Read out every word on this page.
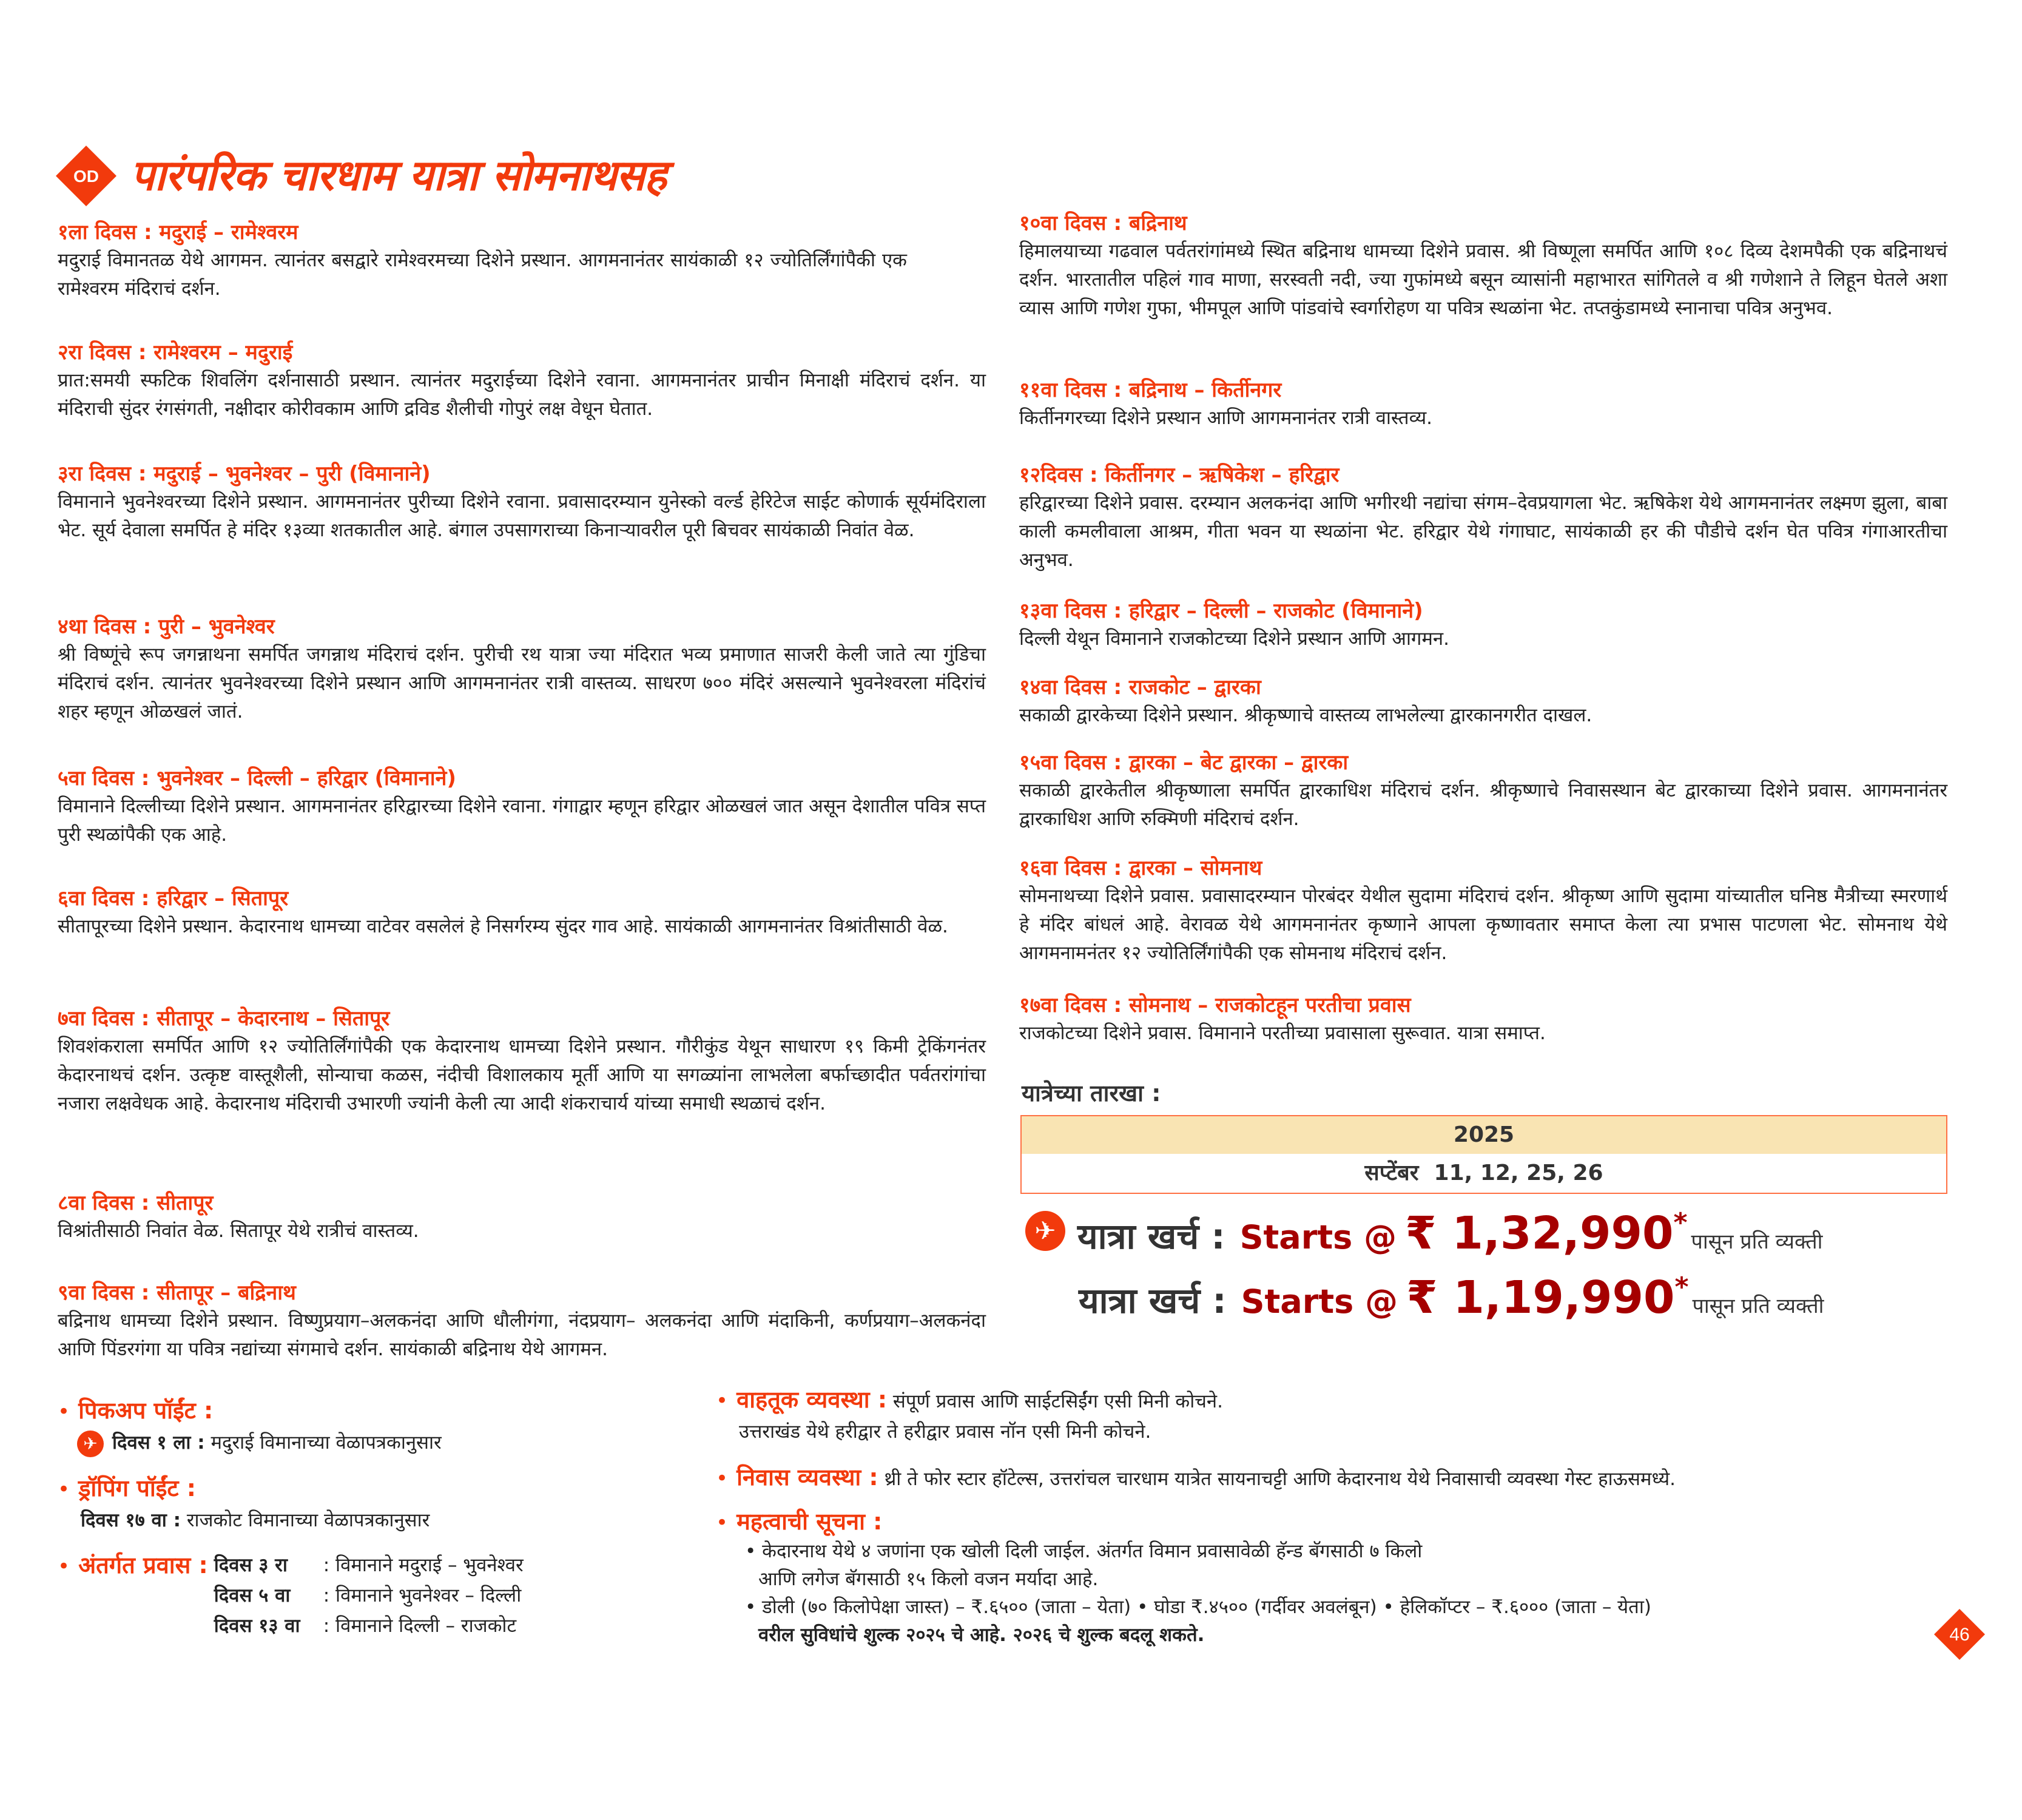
OD पारंपरिक चारधाम यात्रा सोमनाथसह
१ला दिवस : मदुराई – रामेश्वरम

मदुराई विमानतळ येथे आगमन. त्यानंतर बसद्वारे रामेश्वरमच्या दिशेने प्रस्थान. आगमनानंतर सायंकाळी १२ ज्योतिर्लिंगांपैकी एक रामेश्वरम मंदिराचं दर्शन.

२रा दिवस : रामेश्वरम – मदुराई

प्रात:समयी स्फटिक शिवलिंग दर्शनासाठी प्रस्थान. त्यानंतर मदुराईच्या दिशेने रवाना. आगमनानंतर प्राचीन मिनाक्षी मंदिराचं दर्शन. या मंदिराची सुंदर रंगसंगती, नक्षीदार कोरीवकाम आणि द्रविड शैलीची गोपुरं लक्ष वेधून घेतात.

३रा दिवस : मदुराई – भुवनेश्वर – पुरी (विमानाने)

विमानाने भुवनेश्वरच्या दिशेने प्रस्थान. आगमनानंतर पुरीच्या दिशेने रवाना. प्रवासादरम्यान युनेस्को वर्ल्ड हेरिटेज साईट कोणार्क सूर्यमंदिराला भेट. सूर्य देवाला समर्पित हे मंदिर १३व्या शतकातील आहे. बंगाल उपसागराच्या किनाऱ्यावरील पूरी बिचवर सायंकाळी निवांत वेळ.

४था दिवस : पुरी – भुवनेश्वर

श्री विष्णूंचे रूप जगन्नाथना समर्पित जगन्नाथ मंदिराचं दर्शन. पुरीची रथ यात्रा ज्या मंदिरात भव्य प्रमाणात साजरी केली जाते त्या गुंडिचा मंदिराचं दर्शन. त्यानंतर भुवनेश्वरच्या दिशेने प्रस्थान आणि आगमनानंतर रात्री वास्तव्य. साधरण ७०० मंदिरं असल्याने भुवनेश्वरला मंदिरांचं शहर म्हणून ओळखलं जातं.

५वा दिवस : भुवनेश्वर – दिल्ली – हरिद्वार (विमानाने)

विमानाने दिल्लीच्या दिशेने प्रस्थान. आगमनानंतर हरिद्वारच्या दिशेने रवाना. गंगाद्वार म्हणून हरिद्वार ओळखलं जात असून देशातील पवित्र सप्त पुरी स्थळांपैकी एक आहे.

६वा दिवस : हरिद्वार – सितापूर

सीतापूरच्या दिशेने प्रस्थान. केदारनाथ धामच्या वाटेवर वसलेलं हे निसर्गरम्य सुंदर गाव आहे. सायंकाळी आगमनानंतर विश्रांतीसाठी वेळ.

७वा दिवस : सीतापूर – केदारनाथ – सितापूर

शिवशंकराला समर्पित आणि १२ ज्योतिर्लिंगांपैकी एक केदारनाथ धामच्या दिशेने प्रस्थान. गौरीकुंड येथून साधारण १९ किमी ट्रेकिंगनंतर केदारनाथचं दर्शन. उत्कृष्ट वास्तूशैली, सोन्याचा कळस, नंदीची विशालकाय मूर्ती आणि या सगळ्यांना लाभलेला बर्फाच्छादीत पर्वतरांगांचा नजारा लक्षवेधक आहे. केदारनाथ मंदिराची उभारणी ज्यांनी केली त्या आदी शंकराचार्य यांच्या समाधी स्थळाचं दर्शन.

८वा दिवस : सीतापूर

विश्रांतीसाठी निवांत वेळ. सितापूर येथे रात्रीचं वास्तव्य.

९वा दिवस : सीतापूर – बद्रिनाथ

बद्रिनाथ धामच्या दिशेने प्रस्थान. विष्णुप्रयाग–अलकनंदा आणि धौलीगंगा, नंदप्रयाग– अलकनंदा आणि मंदाकिनी, कर्णप्रयाग–अलकनंदा आणि पिंडरगंगा या पवित्र नद्यांच्या संगमाचे दर्शन. सायंकाळी बद्रिनाथ येथे आगमन.

१०वा दिवस : बद्रिनाथ

हिमालयाच्या गढवाल पर्वतरांगांमध्ये स्थित बद्रिनाथ धामच्या दिशेने प्रवास. श्री विष्णूला समर्पित आणि १०८ दिव्य देशमपैकी एक बद्रिनाथचं दर्शन. भारतातील पहिलं गाव माणा, सरस्वती नदी, ज्या गुफांमध्ये बसून व्यासांनी महाभारत सांगितले व श्री गणेशाने ते लिहून घेतले अशा व्यास आणि गणेश गुफा, भीमपूल आणि पांडवांचे स्वर्गारोहण या पवित्र स्थळांना भेट. तप्तकुंडामध्ये स्नानाचा पवित्र अनुभव.

११वा दिवस : बद्रिनाथ – किर्तीनगर

किर्तीनगरच्या दिशेने प्रस्थान आणि आगमनानंतर रात्री वास्तव्य.

१२दिवस : किर्तीनगर – ऋषिकेश – हरिद्वार

हरिद्वारच्या दिशेने प्रवास. दरम्यान अलकनंदा आणि भगीरथी नद्यांचा संगम–देवप्रयागला भेट. ऋषिकेश येथे आगमनानंतर लक्ष्मण झुला, बाबा काली कमलीवाला आश्रम, गीता भवन या स्थळांना भेट. हरिद्वार येथे गंगाघाट, सायंकाळी हर की पौडीचे दर्शन घेत पवित्र गंगाआरतीचा अनुभव.

१३वा दिवस : हरिद्वार – दिल्ली – राजकोट (विमानाने)

दिल्ली येथून विमानाने राजकोटच्या दिशेने प्रस्थान आणि आगमन.

१४वा दिवस : राजकोट – द्वारका

सकाळी द्वारकेच्या दिशेने प्रस्थान. श्रीकृष्णाचे वास्तव्य लाभलेल्या द्वारकानगरीत दाखल.

१५वा दिवस : द्वारका – बेट द्वारका – द्वारका

सकाळी द्वारकेतील श्रीकृष्णाला समर्पित द्वारकाधिश मंदिराचं दर्शन. श्रीकृष्णाचे निवासस्थान बेट द्वारकाच्या दिशेने प्रवास. आगमनानंतर द्वारकाधिश आणि रुक्मिणी मंदिराचं दर्शन.

१६वा दिवस : द्वारका – सोमनाथ

सोमनाथच्या दिशेने प्रवास. प्रवासादरम्यान पोरबंदर येथील सुदामा मंदिराचं दर्शन. श्रीकृष्ण आणि सुदामा यांच्यातील घनिष्ठ मैत्रीच्या स्मरणार्थ हे मंदिर बांधलं आहे. वेरावळ येथे आगमनानंतर कृष्णाने आपला कृष्णावतार समाप्त केला त्या प्रभास पाटणला भेट. सोमनाथ येथे आगमनामनंतर १२ ज्योतिर्लिंगांपैकी एक सोमनाथ मंदिराचं दर्शन.

१७वा दिवस : सोमनाथ – राजकोटहून परतीचा प्रवास

राजकोटच्या दिशेने प्रवास. विमानाने परतीच्या प्रवासाला सुरूवात. यात्रा समाप्त.

यात्रेच्या तारखा :
2025
सप्टेंबर 11, 12, 25, 26
✈ यात्रा खर्च : Starts @ ₹ 1,32,990 *
पासून प्रति व्यक्ती
यात्रा खर्च : Starts @ ₹ 1,19,990 *
पासून प्रति व्यक्ती
• पिकअप पॉईंट :
✈ दिवस १ ला : मदुराई विमानाच्या वेळापत्रकानुसार
• ड्रॉपिंग पॉईंट :
दिवस १७ वा : राजकोट विमानाच्या वेळापत्रकानुसार
• अंतर्गत प्रवास : दिवस ३ रा : विमानाने मदुराई – भुवनेश्वर
दिवस ५ वा : विमानाने भुवनेश्वर – दिल्ली
दिवस १३ वा : विमानाने दिल्ली – राजकोट
• वाहतूक व्यवस्था : संपूर्ण प्रवास आणि साईटसिईंग एसी मिनी कोचने.
उत्तराखंड येथे हरीद्वार ते हरीद्वार प्रवास नॉन एसी मिनी कोचने.
• निवास व्यवस्था : थ्री ते फोर स्टार हॉटेल्स, उत्तरांचल चारधाम यात्रेत सायनाचट्टी आणि केदारनाथ येथे निवासाची व्यवस्था गेस्ट हाऊसमध्ये.
• महत्वाची सूचना :
• केदारनाथ येथे ४ जणांना एक खोली दिली जाईल. अंतर्गत विमान प्रवासावेळी हॅन्ड बॅगसाठी ७ किलो
आणि लगेज बॅगसाठी १५ किलो वजन मर्यादा आहे.
• डोली (७० किलोपेक्षा जास्त) – ₹.६५०० (जाता – येता) • घोडा ₹.४५०० (गर्दीवर अवलंबून) • हेलिकॉप्टर – ₹.६००० (जाता – येता)
वरील सुविधांचे शुल्क २०२५ चे आहे. २०२६ चे शुल्क बदलू शकते.	46
